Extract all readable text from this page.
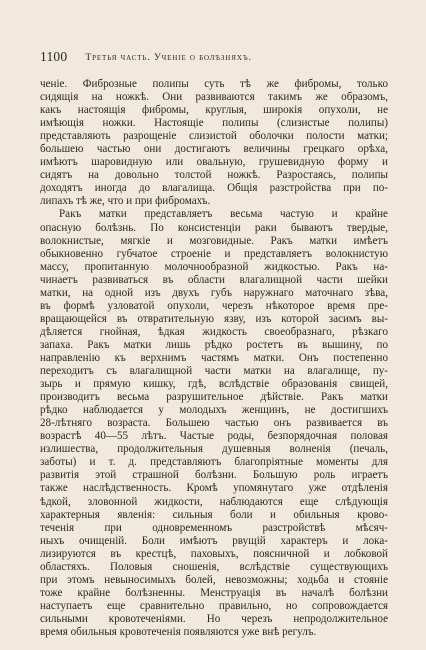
1100 Третья часть. Ученiе о болѣзняхъ.
ченiе. Фиброзные полипы суть тѣ же фибромы, только
сидящiя на ножкѣ. Они развиваются такимъ же образомъ,
какъ настоящiя фибромы, круглыя, широкiя опухоли, не
имѣющiя ножки. Настоящiе полипы (слизистые полипы)
представляють разрощенiе слизистой оболочки полости матки;
большею частью они достигаютъ величины грецкаго орѣха,
имѣютъ шаровидную или овальную, грушевидную форму и
сидятъ на довольно толстой ножкѣ. Разростаясь, полипы
доходятъ иногда до влагалища. Общiя разстройства при по-
липахъ тѣ же, что и при фибромахъ.
Ракъ матки представляетъ весьма частую и крайне
опасную болѣзнь. По консистенцiи раки бываютъ твердые,
волокнистые, мягкiе и мозговидные. Ракъ матки имѣетъ
обыкновенно губчатое строенiе и представляетъ волокнистую
массу, пропитанную молочнообразной жидкостью. Ракъ на-
чинаетъ развиваться въ области влагалищной части шейки
матки, на одной изъ двухъ губъ наружнаго маточнаго зѣва,
въ формѣ узловатой опухоли, черезъ нѣкоторое время пре-
вращающейся въ отвратительную язву, изъ которой засимъ вы-
дѣляется гнойная, ѣдкая жидкость своеобразнаго, рѣзкаго
запаха. Ракъ матки лишь рѣдко ростетъ въ вышину, по
направленiю къ верхнимъ частямъ матки. Онъ постепенно
переходитъ съ влагалищной части матки на влагалище, пу-
зырь и прямую кишку, гдѣ, вслѣдствiе образованiя свищей,
производитъ весьма разрушительное дѣйствiе. Ракъ матки
рѣдко наблюдается у молодыхъ женщинъ, не достигшихъ
28-лѣтняго возраста. Большею частью онъ развивается въ
возрастѣ 40—55 лѣтъ. Частые роды, безпорядочная половая
излишества, продолжительныя душевныя волненiя (печаль,
заботы) и т. д. представляютъ благопрiятные моменты для
развитiя этой страшной болѣзни. Большую роль играетъ
также наслѣдственность. Кромѣ упомянутаго уже отдѣленiя
ѣдкой, зловонной жидкости, наблюдаются еще слѣдующiя
характерныя явленiя: сильныя боли и обильныя крово-
теченiя при одновременномъ разстройствѣ мѣсяч-
ныхъ очищенiй. Боли имѣютъ рвущiй характеръ и лока-
лизируются въ крестцѣ, паховыхъ, поясничной и лобковой
областяхъ. Половыя сношенiя, вслѣдствiе существующихъ
при этомъ невыносимыхъ болей, невозможны; ходьба и стоянiе
тоже крайне болѣзненны. Менструацiя въ началѣ болѣзни
наступаетъ еще сравнительно правильно, но сопровождается
сильными кровотеченiями. Но черезъ непродолжительное
время обильныя кровотеченiя появляются уже внѣ регулъ.
